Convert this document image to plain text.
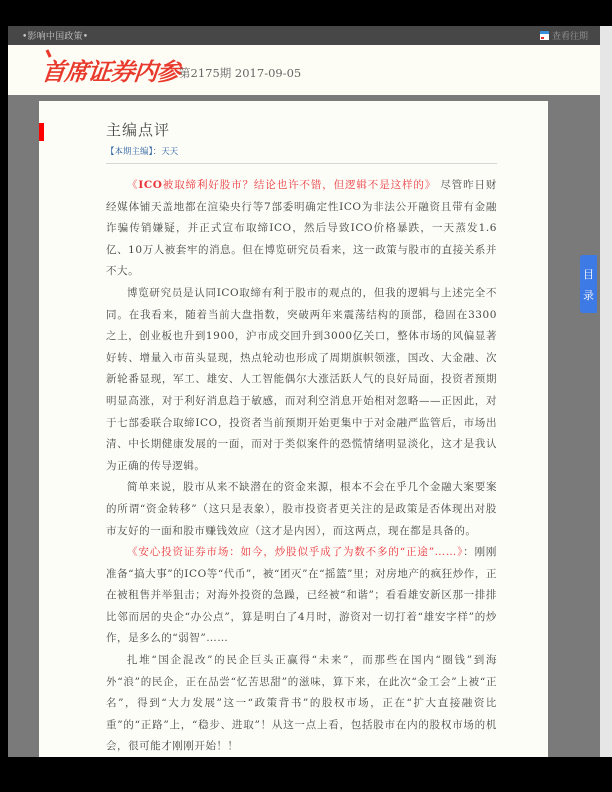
•影响中国政策•	查看往期
首席证券内参
第2175期 2017-09-05
主编点评
【本期主编】：天天

《ICO被取缔利好股市？结论也许不错，但逻辑不是这样的》 尽管昨日财经媒体铺天盖地都在渲染央行等7部委明确定性ICO为非法公开融资且带有金融诈骗传销嫌疑，并正式宣布取缔ICO，然后导致ICO价格暴跌，一天蒸发1.6亿、10万人被套牢的消息。但在博览研究员看来，这一政策与股市的直接关系并不大。

博览研究员是认同ICO取缔有利于股市的观点的，但我的逻辑与上述完全不同。在我看来，随着当前大盘指数，突破两年来震荡结构的顶部，稳固在3300之上，创业板也升到1900，沪市成交回升到3000亿关口，整体市场的风偏显著好转、增量入市苗头显现，热点轮动也形成了周期旗帜领涨，国改、大金融、次新轮番显现，军工、雄安、人工智能偶尔大涨活跃人气的良好局面，投资者预期明显高涨，对于利好消息趋于敏感，而对利空消息开始相对忽略——正因此，对于七部委联合取缔ICO，投资者当前预期开始更集中于对金融严监管后，市场出清、中长期健康发展的一面，而对于类似案件的恐慌情绪明显淡化，这才是我认为正确的传导逻辑。

简单来说，股市从来不缺潜在的资金来源，根本不会在乎几个金融大案要案的所谓“资金转移”（这只是表象），股市投资者更关注的是政策是否体现出对股市友好的一面和股市赚钱效应（这才是内因），而这两点，现在都是具备的。

《安心投资证券市场：如今，炒股似乎成了为数不多的“正途”……》：刚刚准备“搞大事”的ICO等“代币”，被“团灭”在“摇篮”里；对房地产的疯狂炒作，正在被租售并举狙击；对海外投资的急躁，已经被“和谐”；看看雄安新区那一排排比邻而居的央企“办公点”，算是明白了4月时，游资对一切打着“雄安字样”的炒作，是多么的“弱智”……

扎堆“国企混改”的民企巨头正赢得“未来”，而那些在国内“圈钱”到海外“浪”的民企，正在品尝“忆苦思甜”的滋味，算下来，在此次“金工会”上被“正名”，得到“大力发展”这一“政策背书”的股权市场，正在“扩大直接融资比重”的“正路”上，“稳步、进取”！从这一点上看，包括股市在内的股权市场的机会，很可能才刚刚开始！！

目
录
